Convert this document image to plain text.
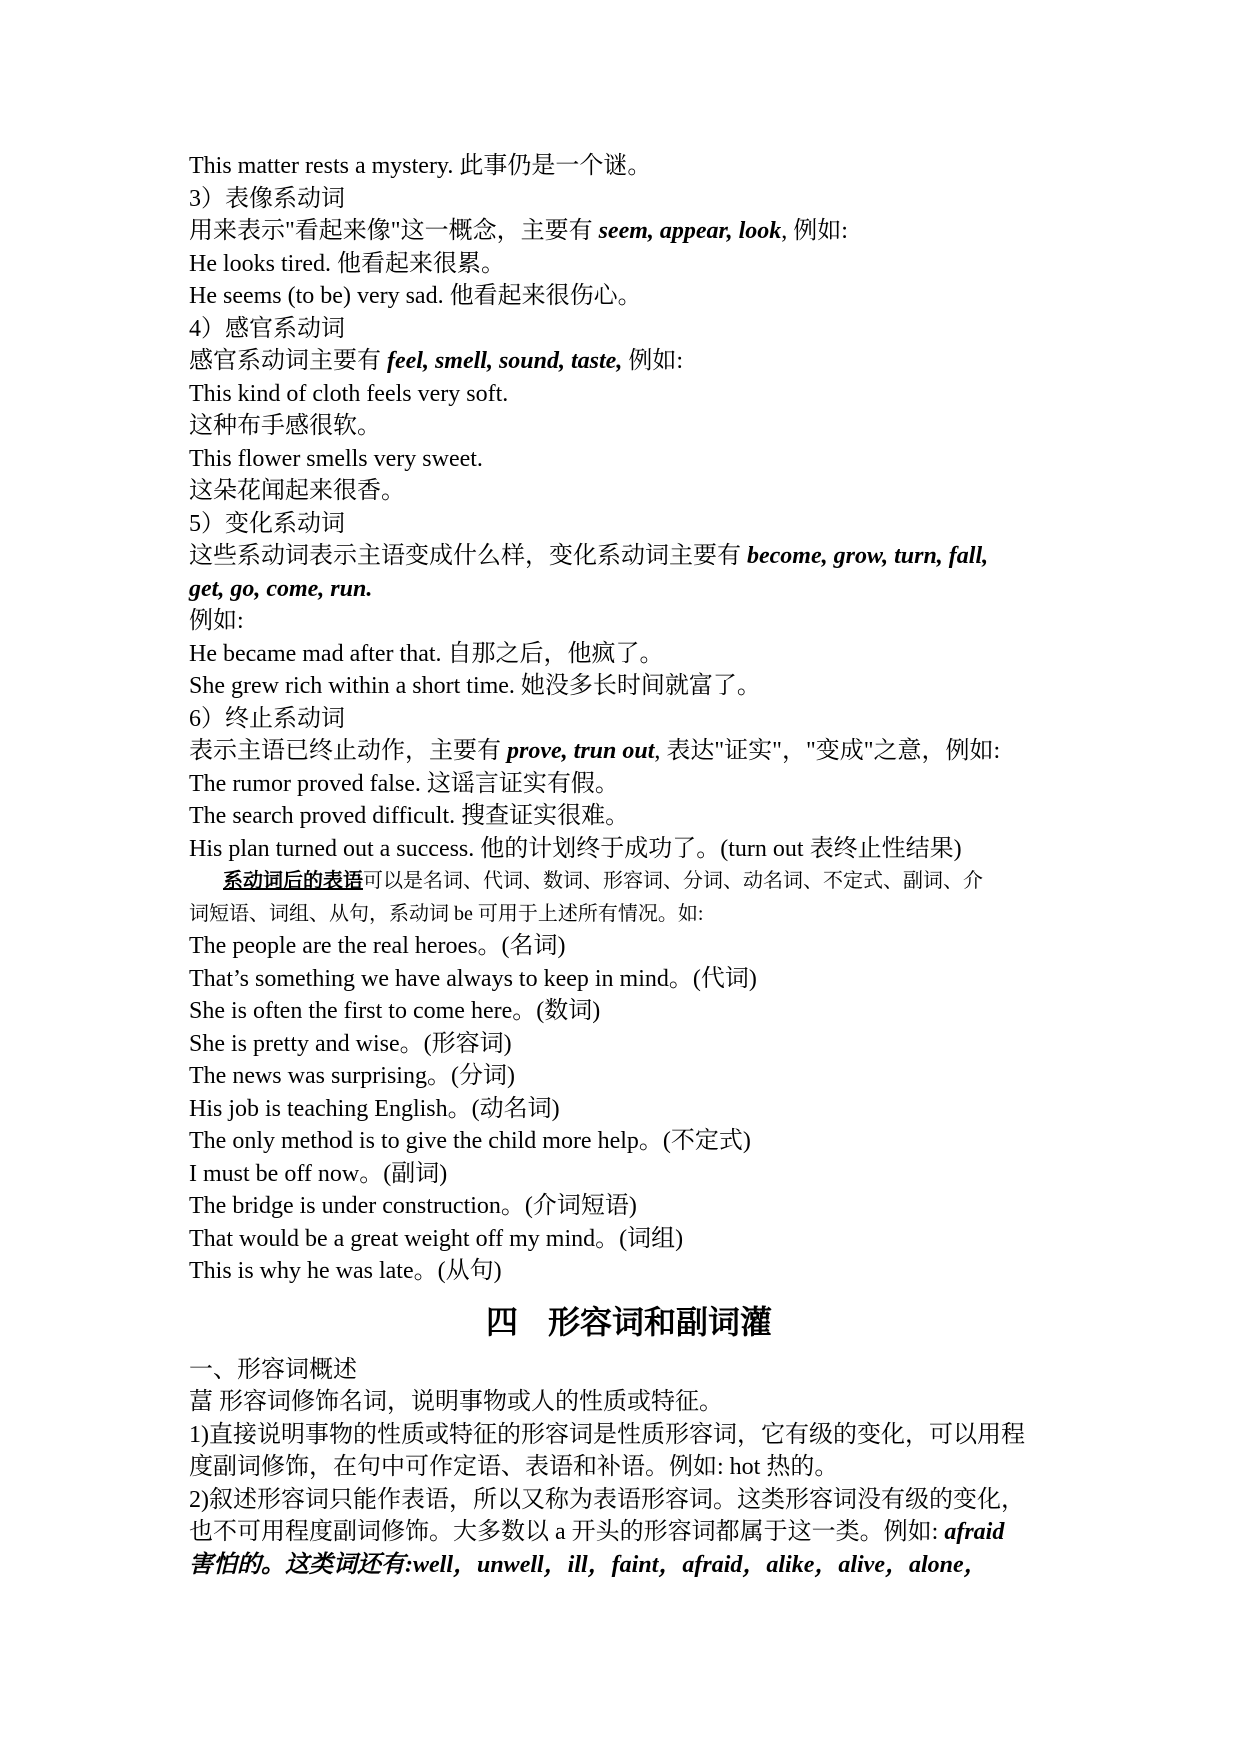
This matter rests a mystery. 此事仍是一个谜。
3）表像系动词
用来表示"看起来像"这一概念，主要有 seem, appear, look, 例如:
He looks tired. 他看起来很累。
He seems (to be) very sad. 他看起来很伤心。
4）感官系动词
感官系动词主要有 feel, smell, sound, taste, 例如:
This kind of cloth feels very soft.
这种布手感很软。
This flower smells very sweet.
这朵花闻起来很香。
5）变化系动词
这些系动词表示主语变成什么样，变化系动词主要有 become, grow, turn, fall,
get, go, come, run.
例如:
He became mad after that. 自那之后，他疯了。
She grew rich within a short time. 她没多长时间就富了。
6）终止系动词
表示主语已终止动作，主要有 prove, trun out, 表达"证实"，"变成"之意，例如:
The rumor proved false. 这谣言证实有假。
The search proved difficult. 搜查证实很难。
His plan turned out a success. 他的计划终于成功了。(turn out 表终止性结果)
系动词后的表语可以是名词、代词、数词、形容词、分词、动名词、不定式、副词、介
词短语、词组、从句，系动词 be 可用于上述所有情况。如:
The people are the real heroes。(名词)
That’s something we have always to keep in mind。(代词)
She is often the first to come here。(数词)
She is pretty and wise。(形容词)
The news was surprising。(分词)
His job is teaching English。(动名词)
The only method is to give the child more help。(不定式)
I must be off now。(副词)
The bridge is under construction。(介词短语)
That would be a great weight off my mind。(词组)
This is why he was late。(从句)
四 形容词和副词灌
一、形容词概述
葍 形容词修饰名词，说明事物或人的性质或特征。
1)直接说明事物的性质或特征的形容词是性质形容词，它有级的变化，可以用程
度副词修饰，在句中可作定语、表语和补语。例如: hot 热的。
2)叙述形容词只能作表语，所以又称为表语形容词。这类形容词没有级的变化，
也不可用程度副词修饰。大多数以 a 开头的形容词都属于这一类。例如: afraid
害怕的。这类词还有:well，unwell，ill，faint，afraid，alike，alive，alone，
